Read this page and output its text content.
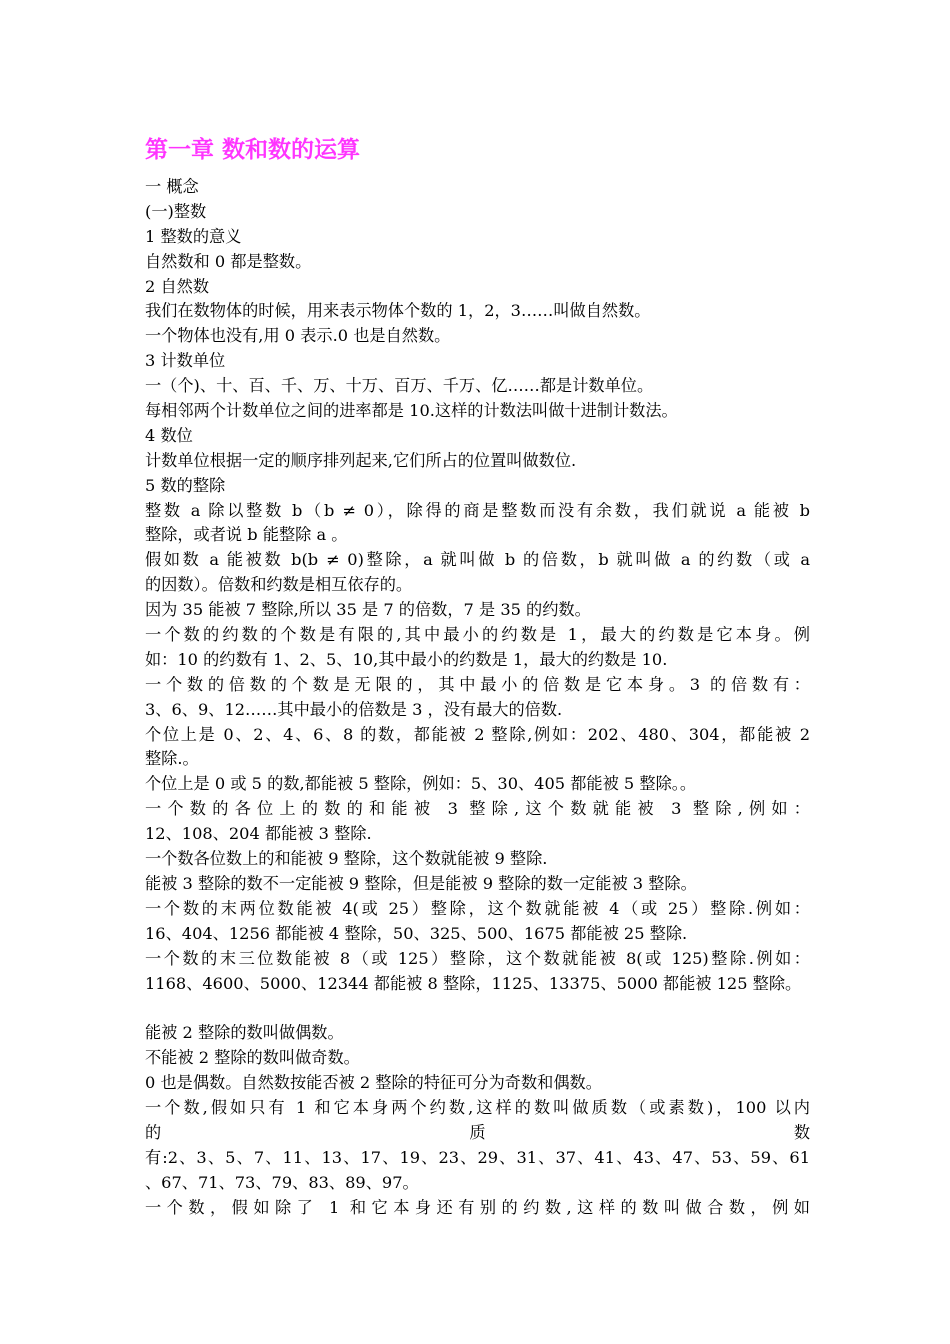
第一章 数和数的运算
一 概念
(一)整数
1 整数的意义
自然数和 0 都是整数。
2 自然数
我们在数物体的时候，用来表示物体个数的 1，2，3……叫做自然数。
一个物体也没有,用 0 表示.0 也是自然数。
3 计数单位
一（个)、十、百、千、万、十万、百万、千万、亿……都是计数单位。
每相邻两个计数单位之间的进率都是 10.这样的计数法叫做十进制计数法。
4 数位
计数单位根据一定的顺序排列起来,它们所占的位置叫做数位.
5 数的整除
整数 a 除以整数 b（b ≠ 0），除得的商是整数而没有余数，我们就说 a 能被 b
整除，或者说 b 能整除 a 。
假如数 a 能被数 b(b ≠ 0)整除，a 就叫做 b 的倍数，b 就叫做 a 的约数（或 a
的因数）。倍数和约数是相互依存的。
因为 35 能被 7 整除,所以 35 是 7 的倍数，7 是 35 的约数。
一个数的约数的个数是有限的,其中最小的约数是 1，最大的约数是它本身。例
如：10 的约数有 1、2、5、10,其中最小的约数是 1，最大的约数是 10.
一个数的倍数的个数是无限的，其中最小的倍数是它本身。3 的倍数有：
3、6、9、12……其中最小的倍数是 3 ，没有最大的倍数.
个位上是 0、2、4、6、8 的数，都能被 2 整除,例如：202、480、304，都能被 2
整除.。
个位上是 0 或 5 的数,都能被 5 整除，例如：5、30、405 都能被 5 整除。。
一个数的各位上的数的和能被 3 整除,这个数就能被 3 整除,例如：
12、108、204 都能被 3 整除.
一个数各位数上的和能被 9 整除，这个数就能被 9 整除.
能被 3 整除的数不一定能被 9 整除，但是能被 9 整除的数一定能被 3 整除。
一个数的末两位数能被 4(或 25）整除，这个数就能被 4（或 25）整除.例如：
16、404、1256 都能被 4 整除，50、325、500、1675 都能被 25 整除.
一个数的末三位数能被 8（或 125）整除，这个数就能被 8(或 125)整除.例如：
1168、4600、5000、12344 都能被 8 整除，1125、13375、5000 都能被 125 整除。
能被 2 整除的数叫做偶数。
不能被 2 整除的数叫做奇数。
0 也是偶数。自然数按能否被 2 整除的特征可分为奇数和偶数。
一个数,假如只有 1 和它本身两个约数,这样的数叫做质数（或素数)，100 以内
的	质	数
有:2、3、5、7、11、13、17、19、23、29、31、37、41、43、47、53、59、61
、67、71、73、79、83、89、97。
一个数，假如除了 1 和它本身还有别的约数,这样的数叫做合数，例如
